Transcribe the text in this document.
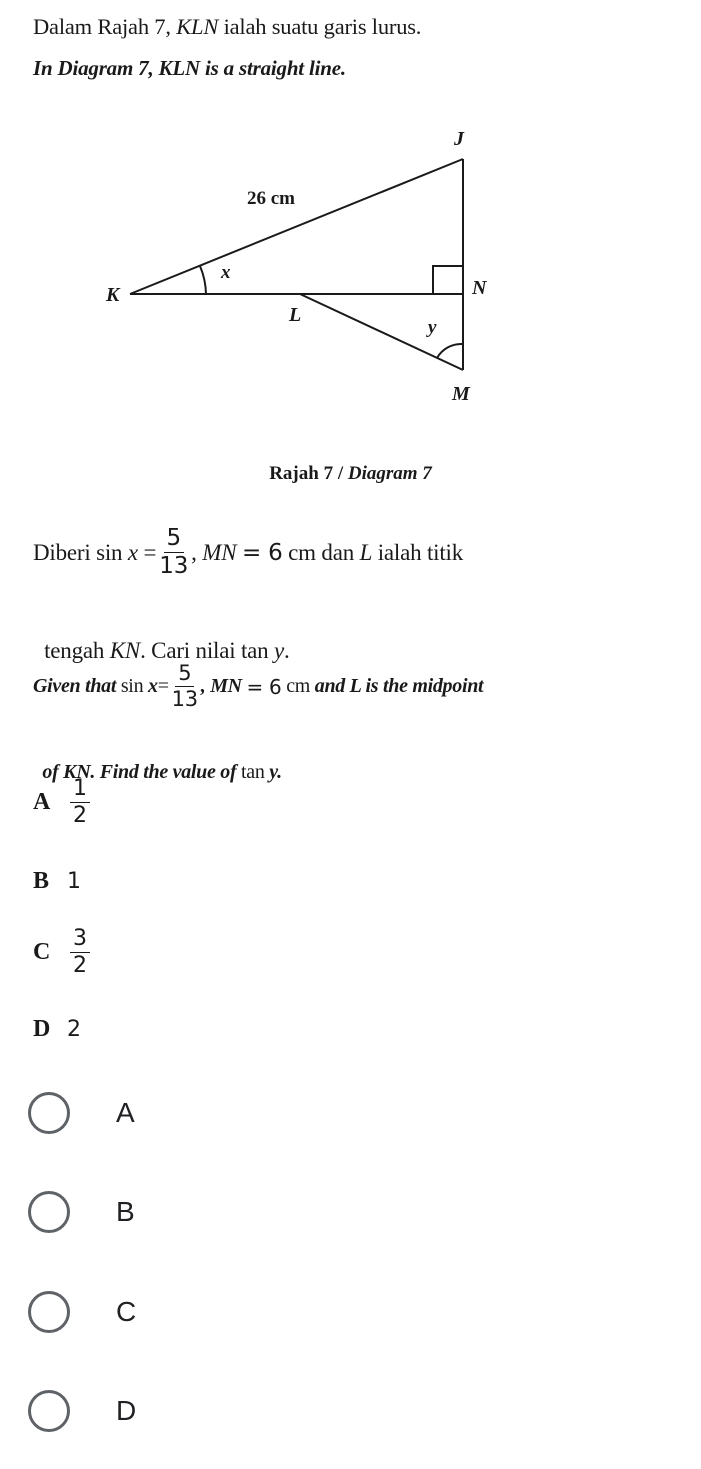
Dalam Rajah 7, KLN ialah suatu garis lurus.
In Diagram 7, KLN is a straight line.
J
K
L
N
M
26 cm
x
y
Rajah 7 / Diagram 7
Diberi sin
x
= $\frac{5}{13}$ ,
MN
= 6
cm
dan
L
ialah titik

tengah KN. Cari nilai tan y.

Given that sin
$x = \frac{5}{13}$ ,
MN
= 6
cm
and L is the midpoint

of KN. Find the value of tan y.

A $\frac{1}{2}$
B 1
C $\frac{3}{2}$
D 2
A
B
C
D
